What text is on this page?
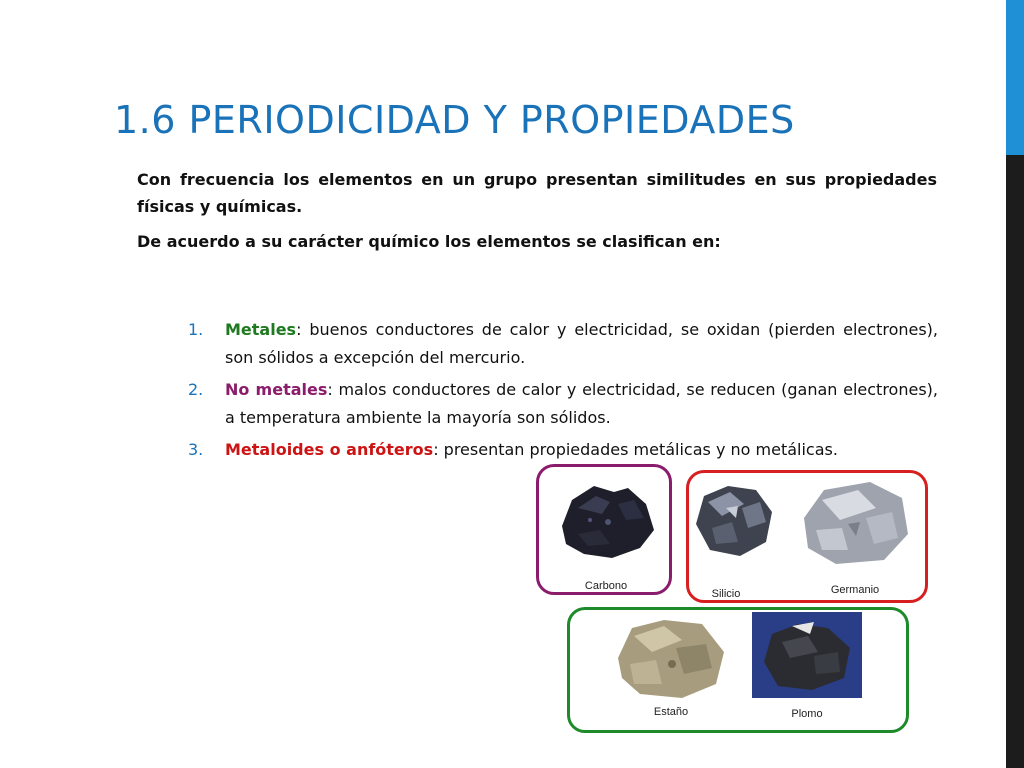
1.6 PERIODICIDAD Y PROPIEDADES

Con frecuencia los elementos en un grupo presentan similitudes en sus propiedades físicas y químicas.

De acuerdo a su carácter químico los elementos se clasifican en:

1.	Metales: buenos conductores de calor y electricidad, se oxidan (pierden electrones), son sólidos a excepción del mercurio.
2.	No metales: malos conductores de calor y electricidad, se reducen (ganan electrones), a temperatura ambiente la mayoría son sólidos.
3.	Metaloides o anfóteros: presentan propiedades metálicas y no metálicas.
Carbono
Silicio	Germanio
Estaño	Plomo
